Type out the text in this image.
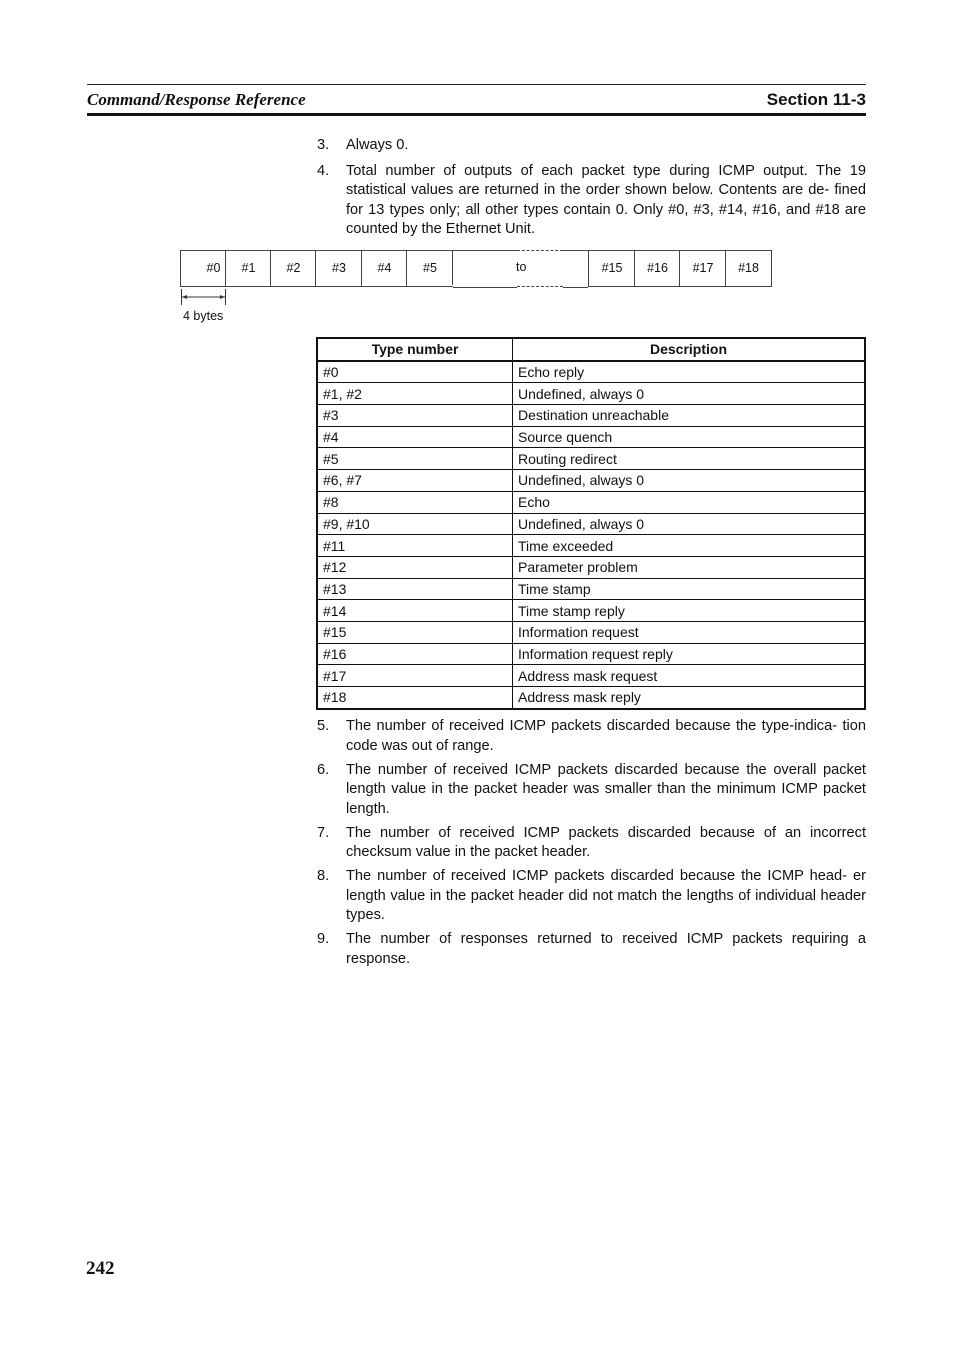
Command/Response Reference	Section 11-3
3. Always 0.
4. Total number of outputs of each packet type during ICMP output. The 19 statistical values are returned in the order shown below. Contents are de- fined for 13 types only; all other types contain 0. Only #0, #3, #14, #16, and #18 are counted by the Ethernet Unit.
#0	#1	#2	#3	#4	#5	to	#15	#16	#17	#18
4 bytes
Type number	Description
#0	Echo reply
#1, #2	Undefined, always 0
#3	Destination unreachable
#4	Source quench
#5	Routing redirect
#6, #7	Undefined, always 0
#8	Echo
#9, #10	Undefined, always 0
#11	Time exceeded
#12	Parameter problem
#13	Time stamp
#14	Time stamp reply
#15	Information request
#16	Information request reply
#17	Address mask request
#18	Address mask reply
5. The number of received ICMP packets discarded because the type-indica- tion code was out of range.
6. The number of received ICMP packets discarded because the overall packet length value in the packet header was smaller than the minimum ICMP packet length.
7. The number of received ICMP packets discarded because of an incorrect checksum value in the packet header.
8. The number of received ICMP packets discarded because the ICMP head- er length value in the packet header did not match the lengths of individual header types.
9. The number of responses returned to received ICMP packets requiring a response.
242
